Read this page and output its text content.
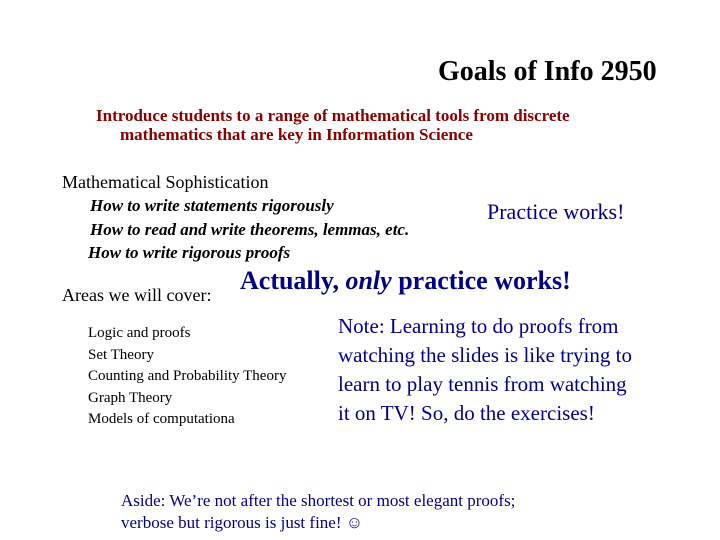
Goals of Info 2950
Introduce students to a range of mathematical tools from discrete
mathematics that are key in Information Science
Mathematical Sophistication
How to write statements rigorously
How to read and write theorems, lemmas, etc.
How to write rigorous proofs
Practice works!
Areas we will cover: Actually, only practice works!
Logic and proofs
Set Theory
Counting and Probability Theory
Graph Theory
Models of computationa
Note: Learning to do proofs from
watching the slides is like trying to
learn to play tennis from watching
it on TV! So, do the exercises!
Aside: We’re not after the shortest or most elegant proofs;
verbose but rigorous is just fine! ☺
